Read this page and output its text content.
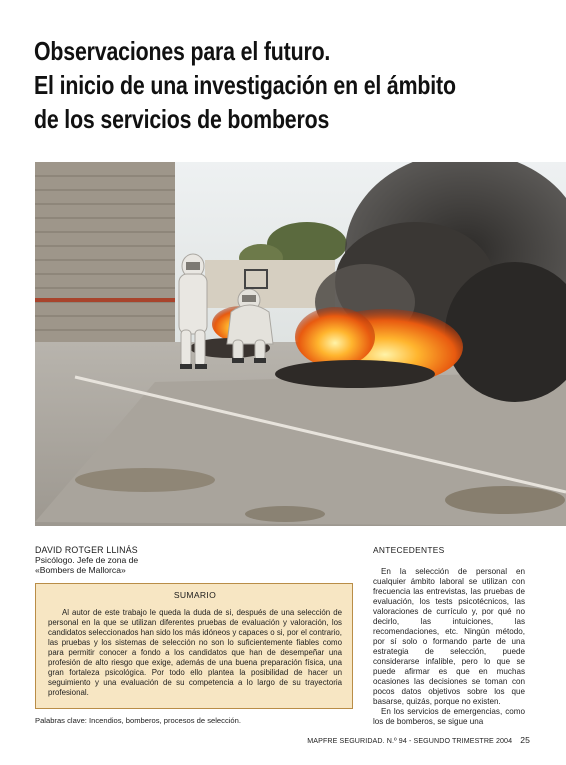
Observaciones para el futuro.
El inicio de una investigación en el ámbito
de los servicios de bomberos
DAVID ROTGER LLINÁS
Psicólogo. Jefe de zona de
«Bombers de Mallorca»
SUMARIO

Al autor de este trabajo le queda la duda de si, después de una selección de personal en la que se utilizan diferentes pruebas de evaluación y valoración, los candidatos seleccionados han sido los más idóneos y capaces o si, por el contrario, las pruebas y los sistemas de selección no son lo suficientemente fiables como para permitir conocer a fondo a los candidatos que han de desempeñar una profesión de alto riesgo que exige, además de una buena preparación física, una gran fortaleza psicológica. Por todo ello plantea la posibilidad de hacer un seguimiento y una evaluación de su competencia a lo largo de su trayectoria profesional.

Palabras clave: Incendios, bomberos, procesos de selección.
ANTECEDENTES

En la selección de personal en cualquier ámbito laboral se utilizan con frecuencia las entrevistas, las pruebas de evaluación, los tests psicotécnicos, las valoraciones de currículo y, por qué no decirlo, las intuiciones, las recomendaciones, etc. Ningún método, por sí solo o formando parte de una estrategia de selección, puede considerarse infalible, pero lo que se puede afirmar es que en muchas ocasiones las decisiones se toman con pocos datos objetivos sobre los que basarse, quizás, porque no existen.

En los servicios de emergencias, como los de bomberos, se sigue una

MAPFRE SEGURIDAD. N.º 94 - SEGUNDO TRIMESTRE 2004 25
